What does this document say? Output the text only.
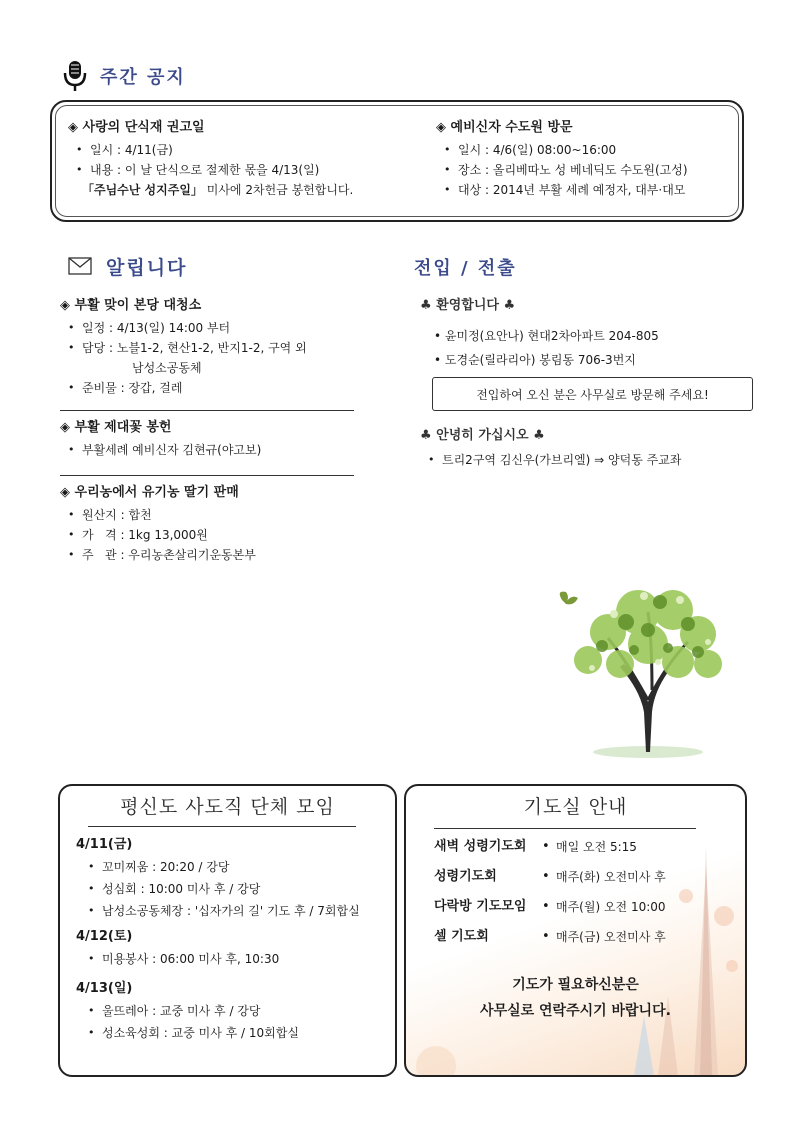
주간 공지
◈ 사랑의 단식재 권고일
• 일시 : 4/11(금)
• 내용 : 이 날 단식으로 절제한 몫을 4/13(일)
「주님수난 성지주일」 미사에 2차헌금 봉헌합니다.
◈ 예비신자 수도원 방문
• 일시 : 4/6(일) 08:00~16:00
• 장소 : 올리베따노 성 베네딕도 수도원(고성)
• 대상 : 2014년 부활 세례 예정자, 대부·대모
알립니다
◈ 부활 맞이 본당 대청소
• 일정 : 4/13(일) 14:00 부터
• 담당 : 노블1-2, 현산1-2, 반지1-2, 구역 외
남성소공동체
• 준비물 : 장갑, 걸레
◈ 부활 제대꽃 봉헌
• 부활세례 예비신자 김현규(야고보)
◈ 우리농에서 유기농 딸기 판매
• 원산지 : 합천
• 가   격 : 1kg 13,000원
• 주   관 : 우리농촌살리기운동본부
전입 / 전출
♣ 환영합니다 ♣
• 윤미정(요안나) 현대2차아파트 204-805
• 도경순(릴라리아) 봉림동 706-3번지
전입하여 오신 분은 사무실로 방문해 주세요!
♣ 안녕히 가십시오 ♣
• 트리2구역 김신우(가브리엘) ⇒ 양덕동 주교좌
평신도 사도직 단체 모임
4/11(금)
• 꼬미찌움 : 20:20 / 강당
• 성심회 : 10:00 미사 후 / 강당
• 남성소공동체장 : '십자가의 길' 기도 후 / 7회합실
4/12(토)
• 미용봉사 : 06:00 미사 후, 10:30
4/13(일)
• 울뜨레아 : 교중 미사 후 / 강당
• 성소육성회 : 교중 미사 후 / 10회합실
기도실 안내
새벽 성령기도회	• 매일 오전 5:15
성령기도회	• 매주(화) 오전미사 후
다락방 기도모임	• 매주(월) 오전 10:00
셀 기도회	• 매주(금) 오전미사 후
기도가 필요하신분은
사무실로 연락주시기 바랍니다.
